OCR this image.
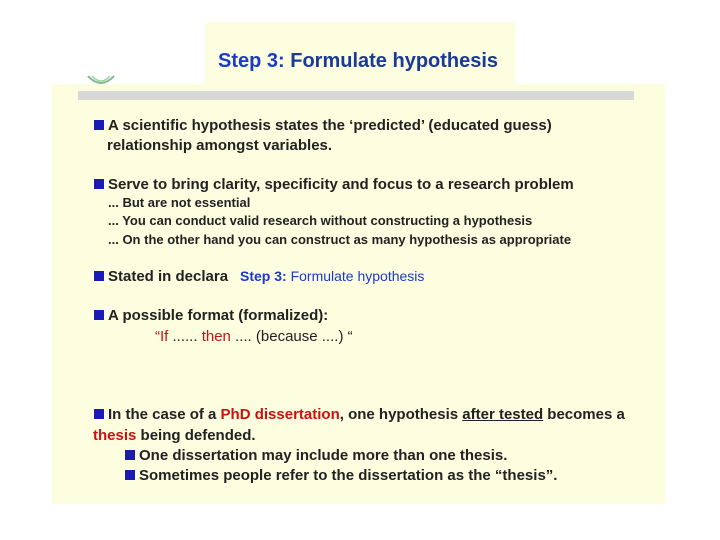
Step 3: Formulate hypothesis
A scientific hypothesis states the ‘predicted’ (educated guess)
relationship amongst variables.
Serve to bring clarity, specificity and focus to a research problem
... But are not essential
... You can conduct valid research without constructing a hypothesis
... On the other hand you can construct as many hypothesis as appropriate
Stated in declara Step 3: Formulate hypothesis
A possible format (formalized):
“If ...... then .... (because ....) “
In the case of a PhD dissertation, one hypothesis after tested becomes a
thesis being defended.
One dissertation may include more than one thesis.
Sometimes people refer to the dissertation as the “thesis”.
